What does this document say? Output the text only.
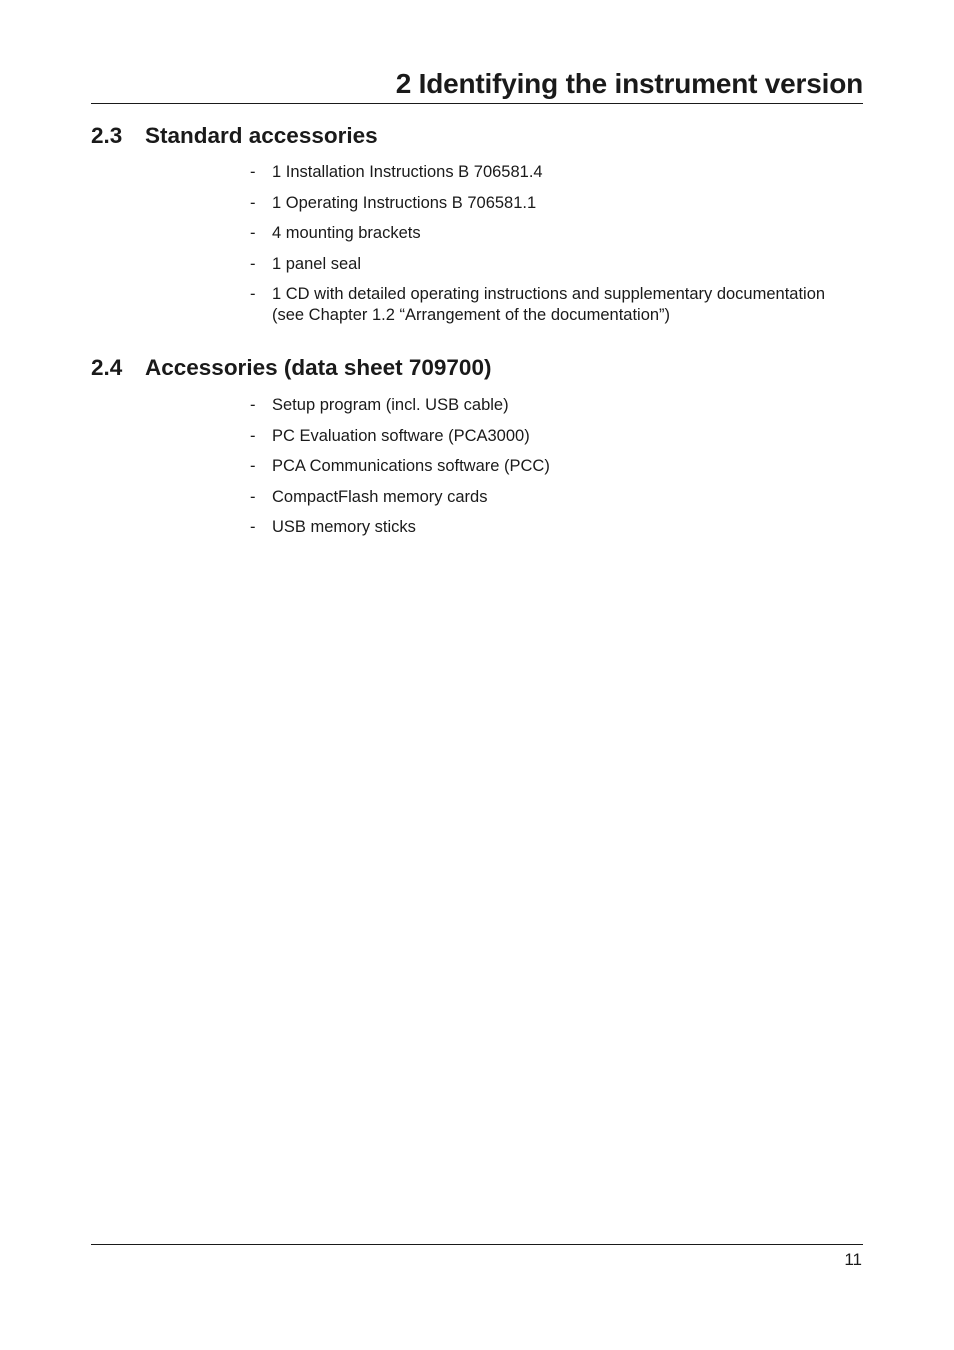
2 Identifying the instrument version
2.3 Standard accessories
- 1 Installation Instructions B 706581.4
- 1 Operating Instructions B 706581.1
- 4 mounting brackets
- 1 panel seal
- 1 CD with detailed operating instructions and supplementary documentation (see Chapter 1.2 “Arrangement of the documentation”)
2.4 Accessories (data sheet 709700)
- Setup program (incl. USB cable)
- PC Evaluation software (PCA3000)
- PCA Communications software (PCC)
- CompactFlash memory cards
- USB memory sticks
11
